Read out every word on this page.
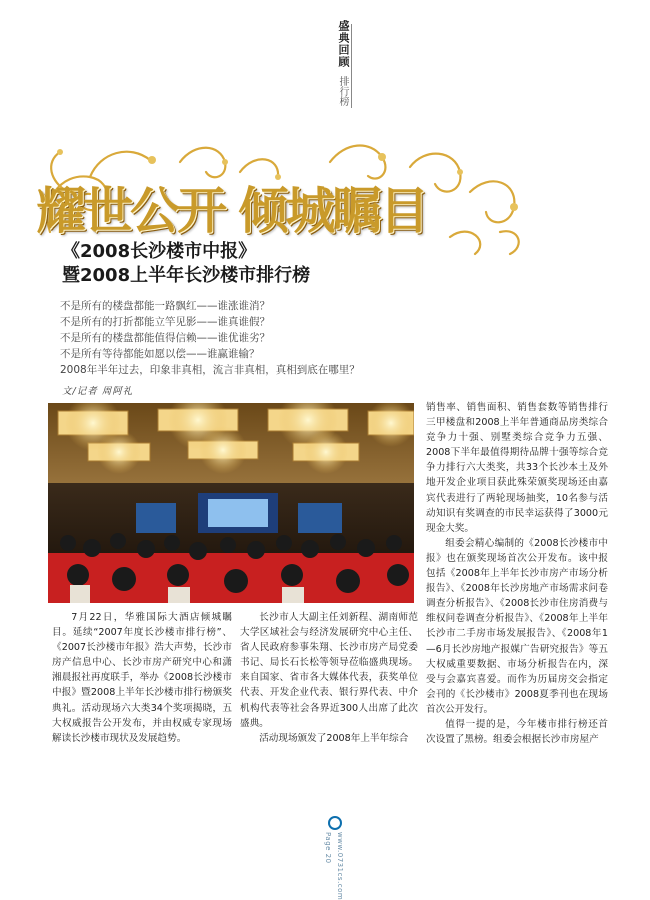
盛典回顾
排行榜
耀世公开 倾城瞩目
《2008长沙楼市中报》
暨2008上半年长沙楼市排行榜
不是所有的楼盘都能一路飘红——谁涨谁消？
不是所有的打折都能立竿见影——谁真谁假？
不是所有的楼盘都能值得信赖——谁优谁劣？
不是所有等待都能如愿以偿——谁赢谁输？
2008年半年过去，印象非真相，流言非真相，真相到底在哪里？
文/记者 周阿礼

7月22日，华雅国际大酒店倾城瞩目。延续“2007年度长沙楼市排行榜”、《2007长沙楼市年报》浩大声势，长沙市房产信息中心、长沙市房产研究中心和潇湘晨报社再度联手，举办《2008长沙楼市中报》暨2008上半年长沙楼市排行榜颁奖典礼。活动现场六大类34个奖项揭晓，五大权威报告公开发布，并由权威专家现场解读长沙楼市现状及发展趋势。

长沙市人大副主任刘新程、湖南师范大学区域社会与经济发展研究中心主任、省人民政府参事朱翔、长沙市房产局党委书记、局长石长松等领导莅临盛典现场。来自国家、省市各大媒体代表，获奖单位代表、开发企业代表、银行界代表、中介机构代表等社会各界近300人出席了此次盛典。

活动现场颁发了2008年上半年综合

销售率、销售面积、销售套数等销售排行三甲楼盘和2008上半年普通商品房类综合竞争力十强、别墅类综合竞争力五强、2008下半年最值得期待品牌十强等综合竞争力排行六大类奖，共33个长沙本土及外地开发企业项目获此殊荣颁奖现场还由嘉宾代表进行了两轮现场抽奖，10名参与活动知识有奖调查的市民幸运获得了3000元现金大奖。

组委会精心编制的《2008长沙楼市中报》也在颁奖现场首次公开发布。该中报包括《2008年上半年长沙市房产市场分析报告》、《2008年长沙房地产市场需求问卷调查分析报告》、《2008长沙市住房消费与维权问卷调查分析报告》、《2008年上半年长沙市二手房市场发展报告》、《2008年1—6月长沙房地产报媒广告研究报告》等五大权威重要数据、市场分析报告在内，深受与会嘉宾喜爱。而作为历届房交会指定会刊的《长沙楼市》2008夏季刊也在现场首次公开发行。

值得一提的是，今年楼市排行榜还首次设置了黑榜。组委会根据长沙市房屋产

Page 20 www.0731cs.com
